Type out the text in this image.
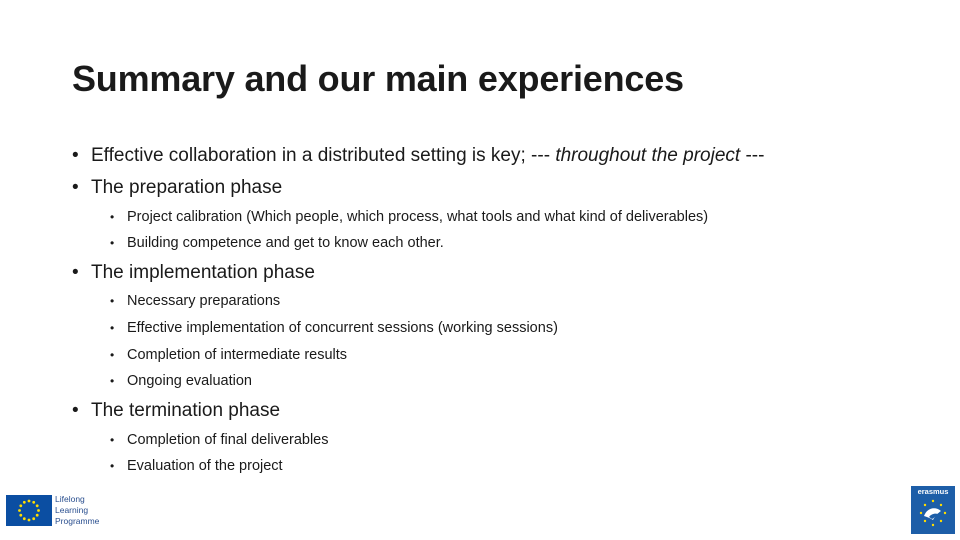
Summary and our main experiences
• Effective collaboration in a distributed setting is key; --- throughout the project ---
• The preparation phase
• Project calibration (Which people, which process, what tools and what kind of deliverables)
• Building competence and get to know each other.
• The implementation phase
• Necessary preparations
• Effective implementation of concurrent sessions (working sessions)
• Completion of intermediate results
• Ongoing evaluation
• The termination phase
• Completion of final deliverables
• Evaluation of the project
Lifelong
Learning
Programme
erasmus
